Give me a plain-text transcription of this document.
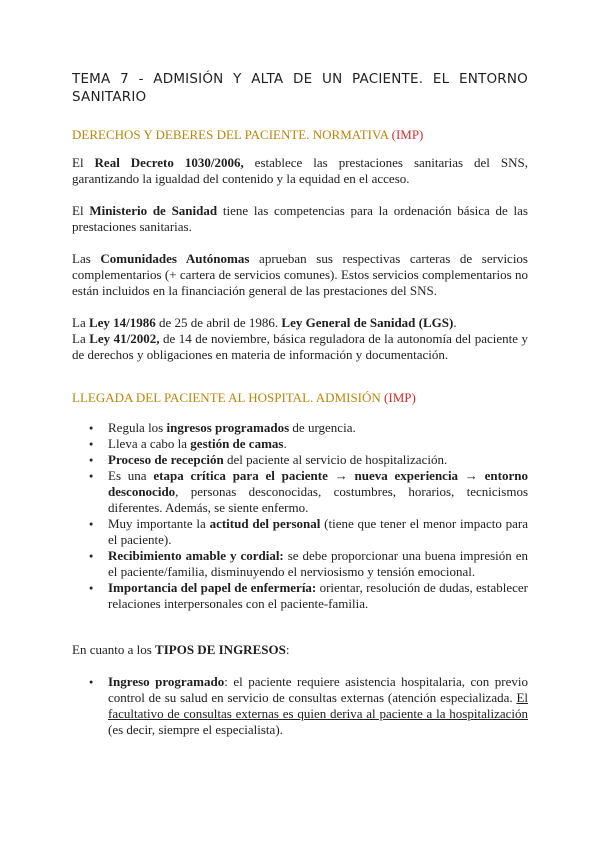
TEMA 7 - ADMISIÓN Y ALTA DE UN PACIENTE. EL ENTORNO SANITARIO
DERECHOS Y DEBERES DEL PACIENTE. NORMATIVA (IMP)

El Real Decreto 1030/2006, establece las prestaciones sanitarias del SNS, garantizando la igualdad del contenido y la equidad en el acceso.

El Ministerio de Sanidad tiene las competencias para la ordenación básica de las prestaciones sanitarias.

Las Comunidades Autónomas aprueban sus respectivas carteras de servicios complementarios (+ cartera de servicios comunes). Estos servicios complementarios no están incluidos en la financiación general de las prestaciones del SNS.

La Ley 14/1986 de 25 de abril de 1986. Ley General de Sanidad (LGS).

La Ley 41/2002, de 14 de noviembre, básica reguladora de la autonomía del paciente y de derechos y obligaciones en materia de información y documentación.

LLEGADA DEL PACIENTE AL HOSPITAL. ADMISIÓN (IMP)
● Regula los ingresos programados de urgencia.
● Lleva a cabo la gestión de camas.
● Proceso de recepción del paciente al servicio de hospitalización.
● Es una etapa crítica para el paciente → nueva experiencia → entorno desconocido, personas desconocidas, costumbres, horarios, tecnicismos diferentes. Además, se siente enfermo.
● Muy importante la actitud del personal (tiene que tener el menor impacto para el paciente).
● Recibimiento amable y cordial: se debe proporcionar una buena impresión en el paciente/familia, disminuyendo el nerviosismo y tensión emocional.
● Importancia del papel de enfermería: orientar, resolución de dudas, establecer relaciones interpersonales con el paciente-familia.

En cuanto a los TIPOS DE INGRESOS:

● Ingreso programado: el paciente requiere asistencia hospitalaria, con previo control de su salud en servicio de consultas externas (atención especializada. El facultativo de consultas externas es quien deriva al paciente a la hospitalización (es decir, siempre el especialista).
